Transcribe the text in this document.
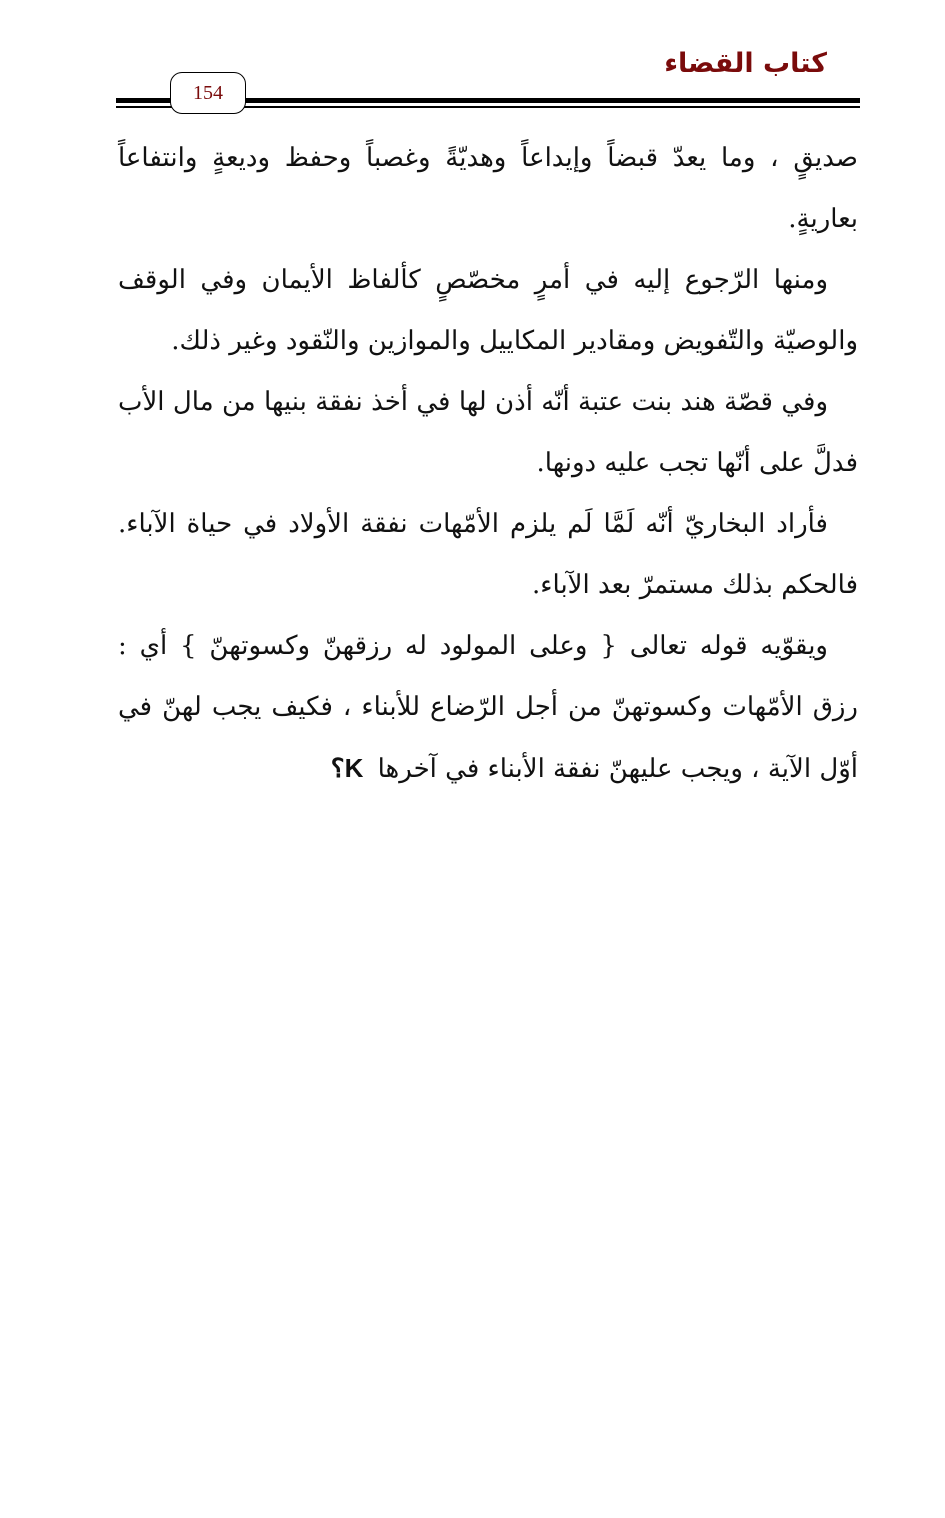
كتاب القضاء
154

صديقٍ ، وما يعدّ قبضاً وإيداعاً وهديّةً وغصباً وحفظ وديعةٍ وانتفاعاً بعاريةٍ.

ومنها الرّجوع إليه في أمرٍ مخصّصٍ كألفاظ الأيمان وفي الوقف والوصيّة والتّفويض ومقادير المكاييل والموازين والنّقود وغير ذلك.

وفي قصّة هند بنت عتبة أنّه أذن لها في أخذ نفقة بنيها من مال الأب فدلَّ على أنّها تجب عليه دونها.

فأراد البخاريّ أنّه لَمَّا لَم يلزم الأمّهات نفقة الأولاد في حياة الآباء. فالحكم بذلك مستمرّ بعد الآباء.

ويقوّيه قوله تعالى { وعلى المولود له رزقهنّ وكسوتهنّ } أي : رزق الأمّهات وكسوتهنّ من أجل الرّضاع للأبناء ، فكيف يجب لهنّ في أوّل الآية ، ويجب عليهنّ نفقة الأبناء في آخرها K؟
